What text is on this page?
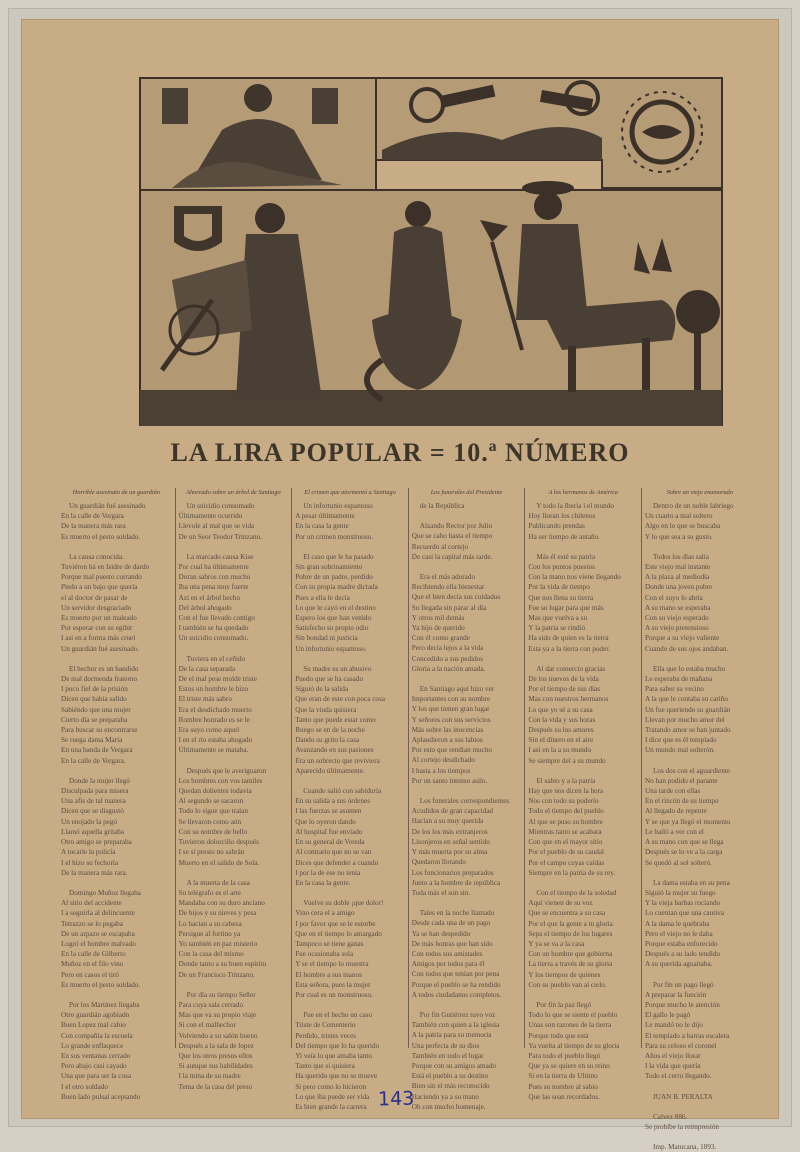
LA LIRA POPULAR = 10.ª NÚMERO
Horrible asesinato de un guardián
Un guardián fué asesinado
En la calle de Vergara
De la manera más rara
Es muerto el pesto soldado.
La causa conocida.
Tuviéron hà en Isidre de dardo
Porque mal puesto corrando
Piedo a un bajo que quería
el al doctor de pasar de
Un servidor desgraciado
Es muerto por un maleado
Por esperar con su egibir
I así en a forma más cruel
Un guardián fué asesinado.
El hechor es un bandido
De mal dormenda fraterno
I poco fiel de la prisión
Dicen que había salido
Sabiéndo que una mujer
Cierto día se preparaba
Para buscar su encontrarse
Se ruega dama María
En una banda de Vergara
En la calle de Vergara.
Donde la mujer llegó
Disculpada para misera
Una afis de tal manera
Dicen que se disgustó
Un enojado la pegó
Llamó aquella gritaba
Otro amigo se preparaba
A tocarle la policía
I el hizo su fechoría
De la manera más rara.
Domingo Muñoz llegaba
Al sitio del accidente
I a seguirla al delincuente
Tetrazzo se lo pegaba
De un arpazo se escapaba
Logró el hombre malvado
En la calle de Gilberto
Muñoz en el filo vino
Pero en casos el tiró
Es muerto el pesto soldado.
Por los Martínez llegaba
Otro guardián agobiado
Buen Lopez mal cabio
Con compañía la escuela
Lo grande enflaquece
En sus ventanas cerrado
Pero abajo casi cayado
Una que para ser la cosa
I el otro soldado
Buen lado pulsal aceptando
Ahorcado sobre un árbol de Santiago
Un suicidio consumado
Últimamente ocurrido
Llevole al mal que se vida
De un Seor Teodor Trinzano.
La marcado causa Kise
Por cual ha últimamente
Duran sabros con mucho
Iba una pena muy fuerte
Azí en el árbol hecho
Del árbol ahogado
Con el fue llevado contigo
I también se ha quedado
Un suicidio consumado.
Tuviera en el ceñido
De la casa separada
De el mal pese molde triste
Estos un hombre le hizo
El triste más sabro
Era el desdichado muerto
Rombre honrado es se le
Era suyo como aquel
I en el río estaba ahogado
Últimamente se mataba.
Después que le averiguaron
Los hombres con vos tamiles
Quedan dolientes todavía
Al segundo se sacaron
Todo lo sigue que traían
Se llevaron como aún
Con su nombre de bello
Tuvieron dolorcillo después
I se si presto no sabrán
Muerto en el salido de Sola.
A la muerta de la casa
Su telégrafo es el arte
Mandaba con su duro anciano
De hijos y su nieves y pesa
Lo hacian a su cabeza
Persigue al fortino ya
Yo también en paz misterio
Con la casa del mismo
Donde tanto a su buen espíritu
De un Francisco Trinzano.
Por día su tiempo Señor
Para cuya sala cerrado
Mas que va su propio viaje
Si con el malhechor
Volviendo a su salón bueno
Después a la sala de lopez
Que los otros presos ellos
Si aunque sus habilidades
I la mina de su madre
Tema de la casa del preso
El crimen que atormentó a Santiago
Un infortunio espantoso
A pesar últimamente
En la casa la gente
Por un crimen monstruoso.
El caso que le ha pasado
Sin gran sobrinamiento
Pobre de un padre, perdido
Con su propia madre dictada
Pues a ella le decía
Lo que le cayó en el destino
Espero los que han venido
Satisfecho su propio odio
Sin bondad ni justicia
Un infortunio espantoso.
Su madre es un abusivo
Puedo que se ha casado
Siguió de la salida
Que eran de este con poca cosa
Que la viuda quisiera
Tanto que puede estar como
Ruego se en de la noche
Dando su grito la casa
Avanzando en sus pasiones
Era un sobrecto que reviviera
Aparecido últimamente.
Cuando salió con sabiduría
En su salida a sus órdenes
I las fuerzas se asumen
Que lo oyeron dando
Al hospital fue enviado
En su general de Vereda
Al contrario que no se van
Dices que defender a cuando
I por la de ese no tenía
En la casa la gente.
Vuelve su doble ¡que dolor!
Vino cera el a amigo
I por favor que se le estorbe
Que en el tiempo lo amargado
Tampoco se tiene ganas
Fue ocasionaba sola
Y se el tiempo lo muestra
El hombre a sus manos
Esta señora, pues la mujer
Por cual es un monstruoso.
Fue en el hecho un caso
Triste de Cementerio
Perdido, tristes veces
Del tiempo que lo ha querido
Yi veía lo que amaba tanto
Tanto que si quisiera
Ha querido que no se mueve
Si peor como lo hicieron
Lo que iba puede ser vida
Es bien grande la carrera
Los funerales del Presidente
de la República
Alzando Rector por Julio
Que se cabo hasta el tiempo
Recuerdo al cortejo
De casi la capital más tarde.
Era el más adorado
Recibiendo ella bienestar
Que el bien decía sus cuidados
Su llegada sin parar al día
Y otros mil demás
Ya hijo de querido
Con él como grande
Pero decía lejos a la vida
Concedido a sus pedidos
Gloria a la nación amada.
En Santiago aquí hizo ver
Importantes con su nombre
Y los que tienen gran lugar
Y señores con sus servicios
Más sobre las inocencias
Aplaudieron a sus labios
Por esto que rendian mucho
Al cortejo desdichado
I hasta a los tiempos
Por un santo intenso asilo.
Los funerales correspondientes
Acudidos de gran capacidad
Hacían a su muy querida
De los los más extranjeros
Lisonjeros en señal sentido
Y más muerta por su alma
Quedaron llorando
Los funcionarios preparados
Junto a la hombre de república
Toda más el son sin.
Tales en la noche llamado
Desde cada una de un pago
Ya se han despedido
De más honras que han sido
Con todos sus amistades
Amigos por todos para él
Con todos que tenían por pena
Porque el pueblo se ha rendido
A todos ciudadanos completos.
Por fin Gutiérrez tuvo voz
También con quien a la iglesia
A la patria para su memoria
Una perfecta de su dios
También en todo el lugar
Porque con su amigos amado
Está el pueblo a su destino
Bien sin el más reconocido
Haciendo ya a su mano
Oh con mucho homenaje.
A los hermanos de América
Y todo la Iberia i el mundo
Hoy lloran los chilenos
Publicando prendas
Ha ser tiempo de antaño.
Más él esté su patria
Con los puntos puestos
Con la mano nos viene llegando
Por la vida de tiempo
Que nos llena su tierra
Fue su lugar para que más
Mas que vuelva a su
Y la patria se rindió
Ha sido de quien es la tierra
Esta ya a la tierra con poder.
Al dar comercio gracias
De los nuevos de la vida
Por el tiempo de sus días
Mas con nuestros hermanos
Lo que yo sé a su casa
Con la vida y sus horas
Después su los amores
Sin el dinero en el aire
I así en la a su mundo
Se siempre del a su mundo
El sabio y a la patria
Hay que nos dicen la hora
Nos con todo su poderío
Todo el tiempo del pueblo
Al que se puso su hombre
Mientras tanto se acabara
Con que en el mayor sitio
Por el pueblo de su caudal
Por el campo cuyas caídas
Siempre en la patria de su rey.
Con el tiempo de la soledad
Aquí vienen de su voz
Que se encuentra a su casa
Por el que la gente a tu gloria
Sepa el tiempo de los lugares
Y ya se va a la casa
Con un hombre que gobierna
La tierra a través de su gloria
Y los tiempos de quienes
Con su pueblo van al cielo.
Por fin la paz llegó
Todo lo que se siente el pueblo
Unas son razones de la tierra
Porque todo que está
Ya vuelta al tiempo de su gloria
Para todo el pueblo llegó
Que ya se quiere en su reino
Si en la tierra de Ultimo
Pues su nombre al sabio
Que las sean recordados.
Sobre un viejo enamorado
Dentro de un noble labriego
Un cuarto a mal soltero
Algo en lo que se buscaba
Y lo que sea a su gusto.
Todos los días salía
Este viejo mal instante
A la plaza al mediodía
Donde una joven pobre
Con el suyo lo abría
A su mano se esperaba
Con su viejo esperado
A su viejo pretensioso
Porque a su viejo valiente
Cuando de sus ojos andaban.
Ella que lo estaba mucho
Le esperaba de mañana
Para saber su vecino
A la que le contaba su cariño
Un fue queriendo su guardián
Llevan por mucho amor del
Tratando amor se han juntado
I dice que es él templado
Un mundo mal solterón.
Los dos con el aguardiente
No han podido el parante
Una tarde con ellas
En el rincón de su tiempo
Al llegado de repente
Y se que ya llegó el momento
Le bailó a ver con el
A su mano con que se llega
Después se lo ve a la carga
Se quedó al sol solteró.
La dama estaba en su pena
Siguió la mujer su fuego
Y la vieja barbas rociando
Lo cuentan que una cautiva
A la dama le quebraba
Pero el viejo no le daba
Porque estaba enfurecido
Después a su lado tendido
A su querida aguaitaba.
Por fin un pago llegó
A preparar la función
Porque mucho le atención
El gallo le pagó
Le mandó no le dijo
El templado a barras escalera
Para su celoso el coronel
Años el viejo llorar
I la vida que quería
Todo el cerro llegando.
JUAN B. PERALTA
Calvez 886.
Se prohíbe la reimpresión
Imp. Matucana, 1893.
143
